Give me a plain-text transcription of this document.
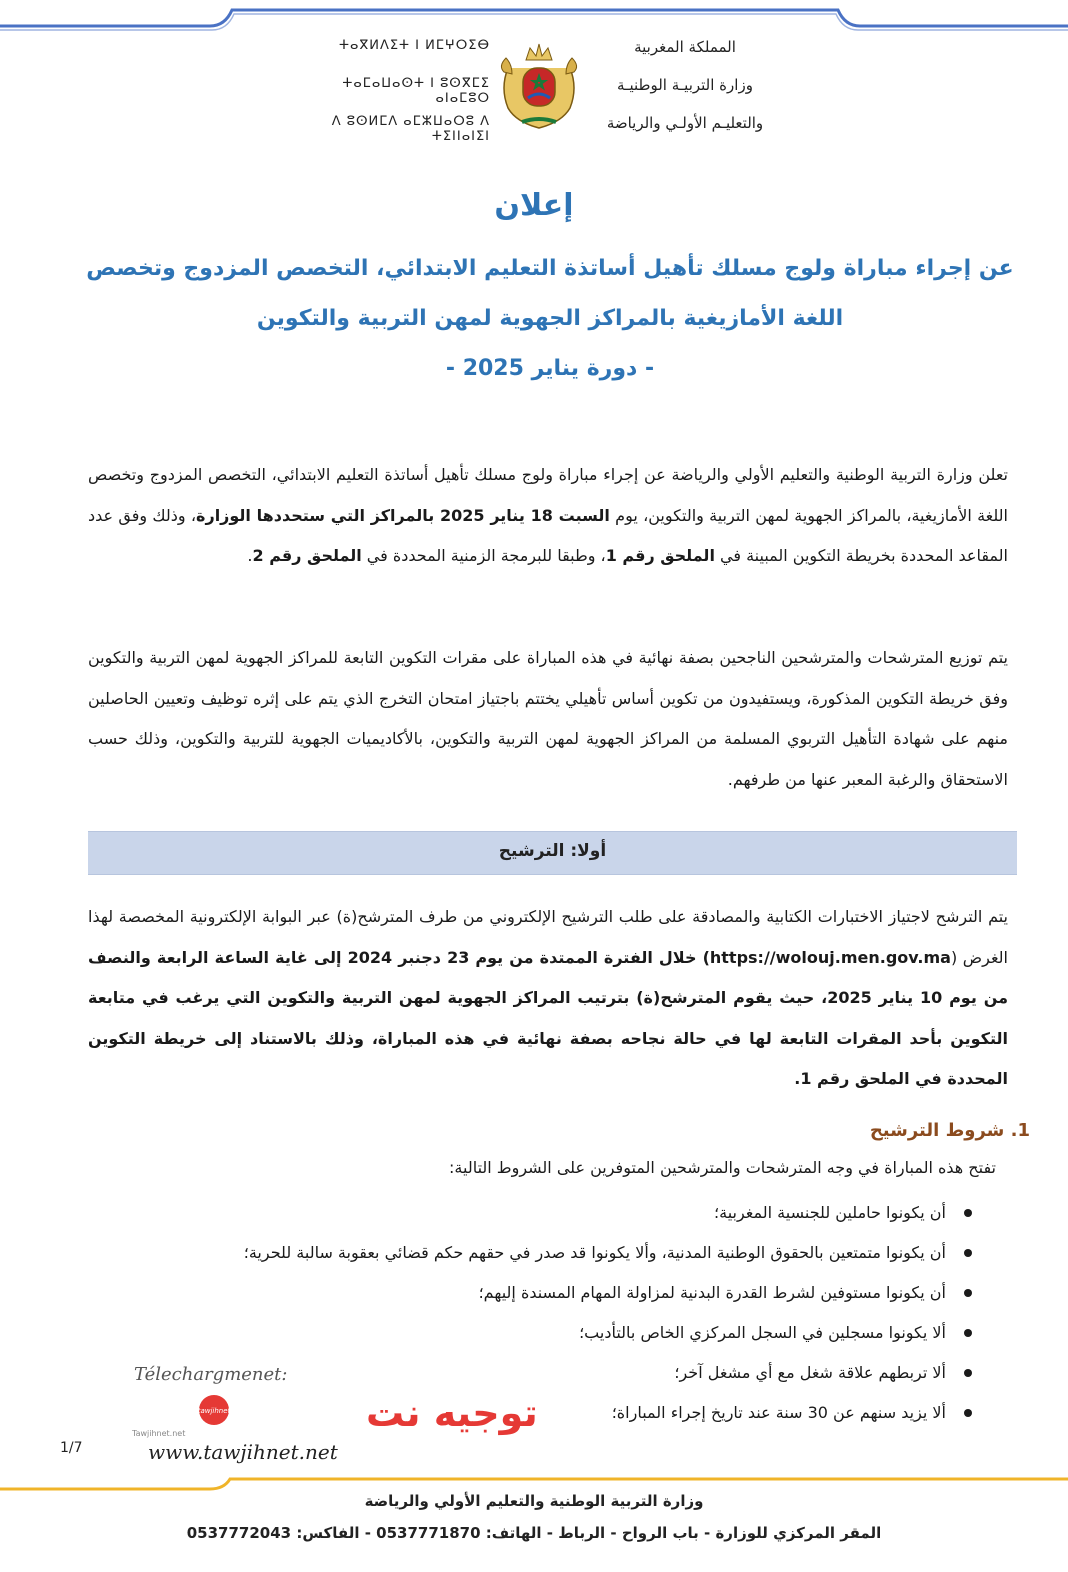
ⵜⴰⴳⵍⴷⵉⵜ ⵏ ⵍⵎⵖⵔⵉⴱ
ⵜⴰⵎⴰⵡⴰⵙⵜ ⵏ ⵓⵙⴳⵎⵉ ⴰⵏⴰⵎⵓⵔ
ⴷ ⵓⵙⵍⵎⴷ ⴰⵎⵣⵡⴰⵔⵓ ⴷ ⵜⵉⵏⵏⴰⵏⵉⵏ
المملكة المغربية
وزارة التربيـة الوطنيـة
والتعليـم الأولـي والرياضة
إعلان
عن إجراء مباراة ولوج مسلك تأهيل أساتذة التعليم الابتدائي، التخصص المزدوج وتخصص
اللغة الأمازيغية بالمراكز الجهوية لمهن التربية والتكوين
- دورة يناير 2025 -
تعلن وزارة التربية الوطنية والتعليم الأولي والرياضة عن إجراء مباراة ولوج مسلك تأهيل أساتذة التعليم الابتدائي، التخصص المزدوج وتخصص اللغة الأمازيغية، بالمراكز الجهوية لمهن التربية والتكوين، يوم السبت 18 يناير 2025 بالمراكز التي ستحددها الوزارة، وذلك وفق عدد المقاعد المحددة بخريطة التكوين المبينة في الملحق رقم 1، وطبقا للبرمجة الزمنية المحددة في الملحق رقم 2.
يتم توزيع المترشحات والمترشحين الناجحين بصفة نهائية في هذه المباراة على مقرات التكوين التابعة للمراكز الجهوية لمهن التربية والتكوين وفق خريطة التكوين المذكورة، ويستفيدون من تكوين أساس تأهيلي يختتم باجتياز امتحان التخرج الذي يتم على إثره توظيف وتعيين الحاصلين منهم على شهادة التأهيل التربوي المسلمة من المراكز الجهوية لمهن التربية والتكوين، بالأكاديميات الجهوية للتربية والتكوين، وذلك حسب الاستحقاق والرغبة المعبر عنها من طرفهم.
أولا: الترشيح
يتم الترشح لاجتياز الاختبارات الكتابية والمصادقة على طلب الترشيح الإلكتروني من طرف المترشح(ة) عبر البوابة الإلكترونية المخصصة لهذا الغرض (https://wolouj.men.gov.ma) خلال الفترة الممتدة من يوم 23 دجنبر 2024 إلى غاية الساعة الرابعة والنصف من يوم 10 يناير 2025، حيث يقوم المترشح(ة) بترتيب المراكز الجهوية لمهن التربية والتكوين التي يرغب في متابعة التكوين بأحد المقرات التابعة لها في حالة نجاحه بصفة نهائية في هذه المباراة، وذلك بالاستناد إلى خريطة التكوين المحددة في الملحق رقم 1.
1. شروط الترشيح
تفتح هذه المباراة في وجه المترشحات والمترشحين المتوفرين على الشروط التالية:
أن يكونوا حاملين للجنسية المغربية؛
أن يكونوا متمتعين بالحقوق الوطنية المدنية، وألا يكونوا قد صدر في حقهم حكم قضائي بعقوبة سالبة للحرية؛
أن يكونوا مستوفين لشرط القدرة البدنية لمزاولة المهام المسندة إليهم؛
ألا يكونوا مسجلين في السجل المركزي الخاص بالتأديب؛
ألا تربطهم علاقة شغل مع أي مشغل آخر؛
ألا يزيد سنهم عن 30 سنة عند تاريخ إجراء المباراة؛
Télechargmenet:
توجيه نت
tawjihnet
Tawjihnet.net
www.tawjihnet.net
1/7
وزارة التربية الوطنية والتعليم الأولي والرياضة
المقر المركزي للوزارة - باب الرواح - الرباط - الهاتف: 0537771870 - الفاكس: 0537772043
